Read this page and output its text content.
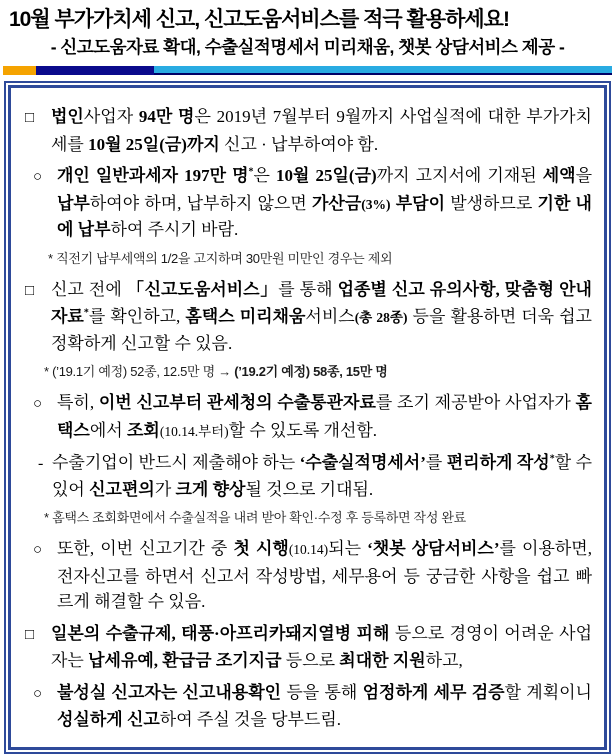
10월 부가가치세 신고, 신고도움서비스를 적극 활용하세요!
- 신고도움자료 확대, 수출실적명세서 미리채움, 챗봇 상담서비스 제공 -
□ 법인사업자 94만 명은 2019년 7월부터 9월까지 사업실적에 대한 부가가치세를 10월 25일(금)까지 신고 · 납부하여야 함.
○ 개인 일반과세자 197만 명*은 10월 25일(금)까지 고지서에 기재된 세액을 납부하여야 하며, 납부하지 않으면 가산금(3%) 부담이 발생하므로 기한 내에 납부하여 주시기 바람.
* 직전기 납부세액의 1/2을 고지하며 30만원 미만인 경우는 제외
□ 신고 전에 「신고도움서비스」를 통해 업종별 신고 유의사항, 맞춤형 안내자료*를 확인하고, 홈택스 미리채움서비스(총 28종) 등을 활용하면 더욱 쉽고 정확하게 신고할 수 있음.
* (’19.1기 예정) 52종, 12.5만 명 → (’19.2기 예정) 58종, 15만 명
○ 특히, 이번 신고부터 관세청의 수출통관자료를 조기 제공받아 사업자가 홈택스에서 조회(10.14.부터)할 수 있도록 개선함.
- 수출기업이 반드시 제출해야 하는 ‘수출실적명세서’를 편리하게 작성*할 수 있어 신고편의가 크게 향상될 것으로 기대됨.
* 홈택스 조회화면에서 수출실적을 내려 받아 확인·수정 후 등록하면 작성 완료
○ 또한, 이번 신고기간 중 첫 시행(10.14)되는 ‘챗봇 상담서비스’를 이용하면, 전자신고를 하면서 신고서 작성방법, 세무용어 등 궁금한 사항을 쉽고 빠르게 해결할 수 있음.
□ 일본의 수출규제, 태풍·아프리카돼지열병 피해 등으로 경영이 어려운 사업자는 납세유예, 환급금 조기지급 등으로 최대한 지원하고,
○ 불성실 신고자는 신고내용확인 등을 통해 엄정하게 세무 검증할 계획이니 성실하게 신고하여 주실 것을 당부드림.
